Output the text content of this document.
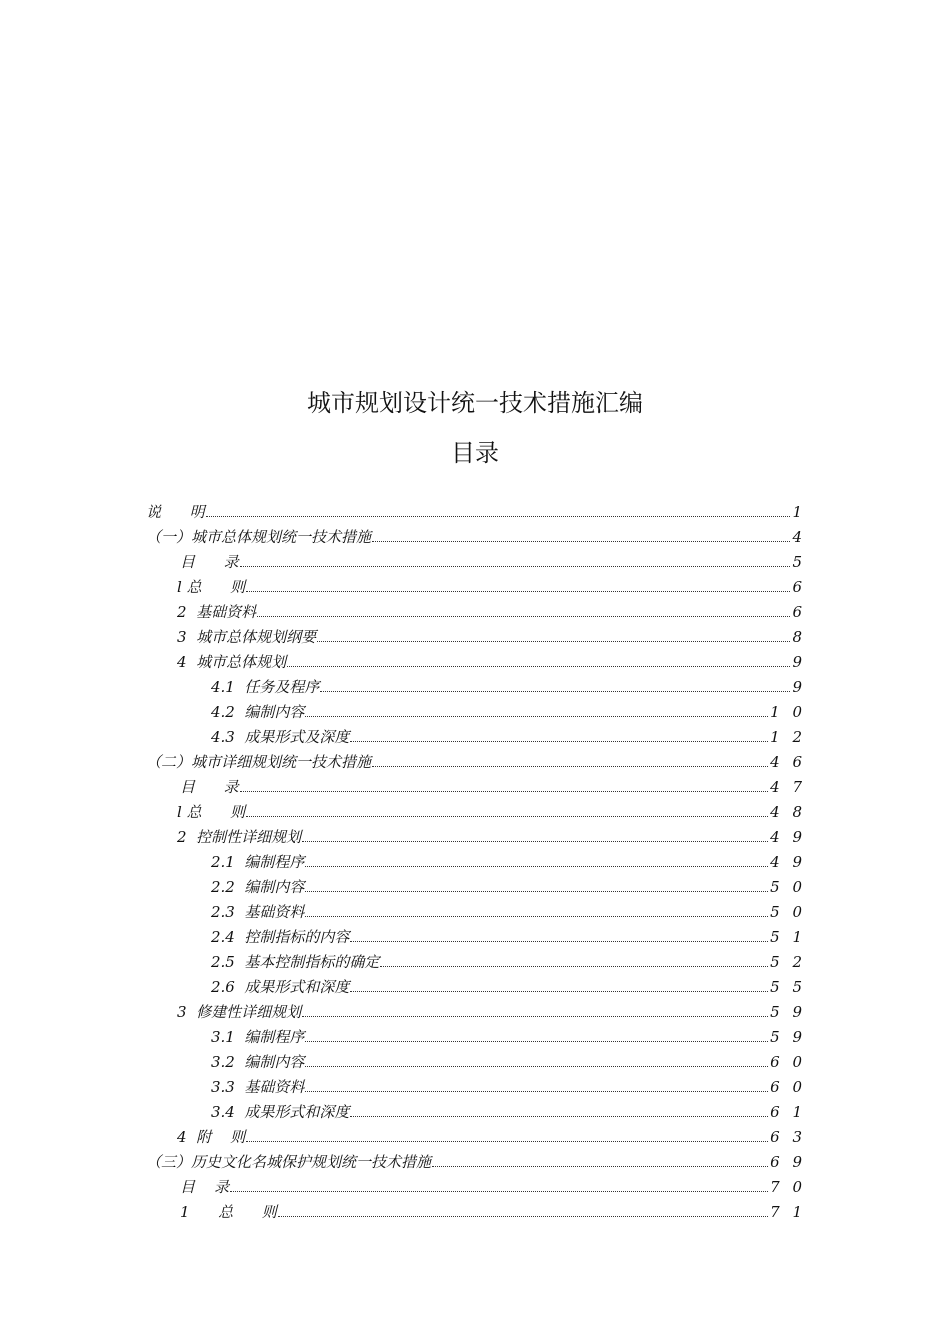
城市规划设计统一技术措施汇编
目录
说      明	1
（一）城市总体规划统一技术措施	4
目      录	5
l 总      则	6
2  基础资料	6
3  城市总体规划纲要	8
4  城市总体规划	9
4.1  任务及程序	9
4.2  编制内容	1 0
4.3  成果形式及深度	1 2
（二）城市详细规划统一技术措施	4 6
目      录	4 7
l 总      则	4 8
2  控制性详细规划	4 9
2.1  编制程序	4 9
2.2  编制内容	5 0
2.3  基础资料	5 0
2.4  控制指标的内容	5 1
2.5  基本控制指标的确定	5 2
2.6  成果形式和深度	5 5
3  修建性详细规划	5 9
3.1  编制程序	5 9
3.2  编制内容	6 0
3.3  基础资料	6 0
3.4  成果形式和深度	6 1
4  附    则	6 3
（三）历史文化名城保护规划统一技术措施	6 9
目    录	7 0
1      总      则	7 1
